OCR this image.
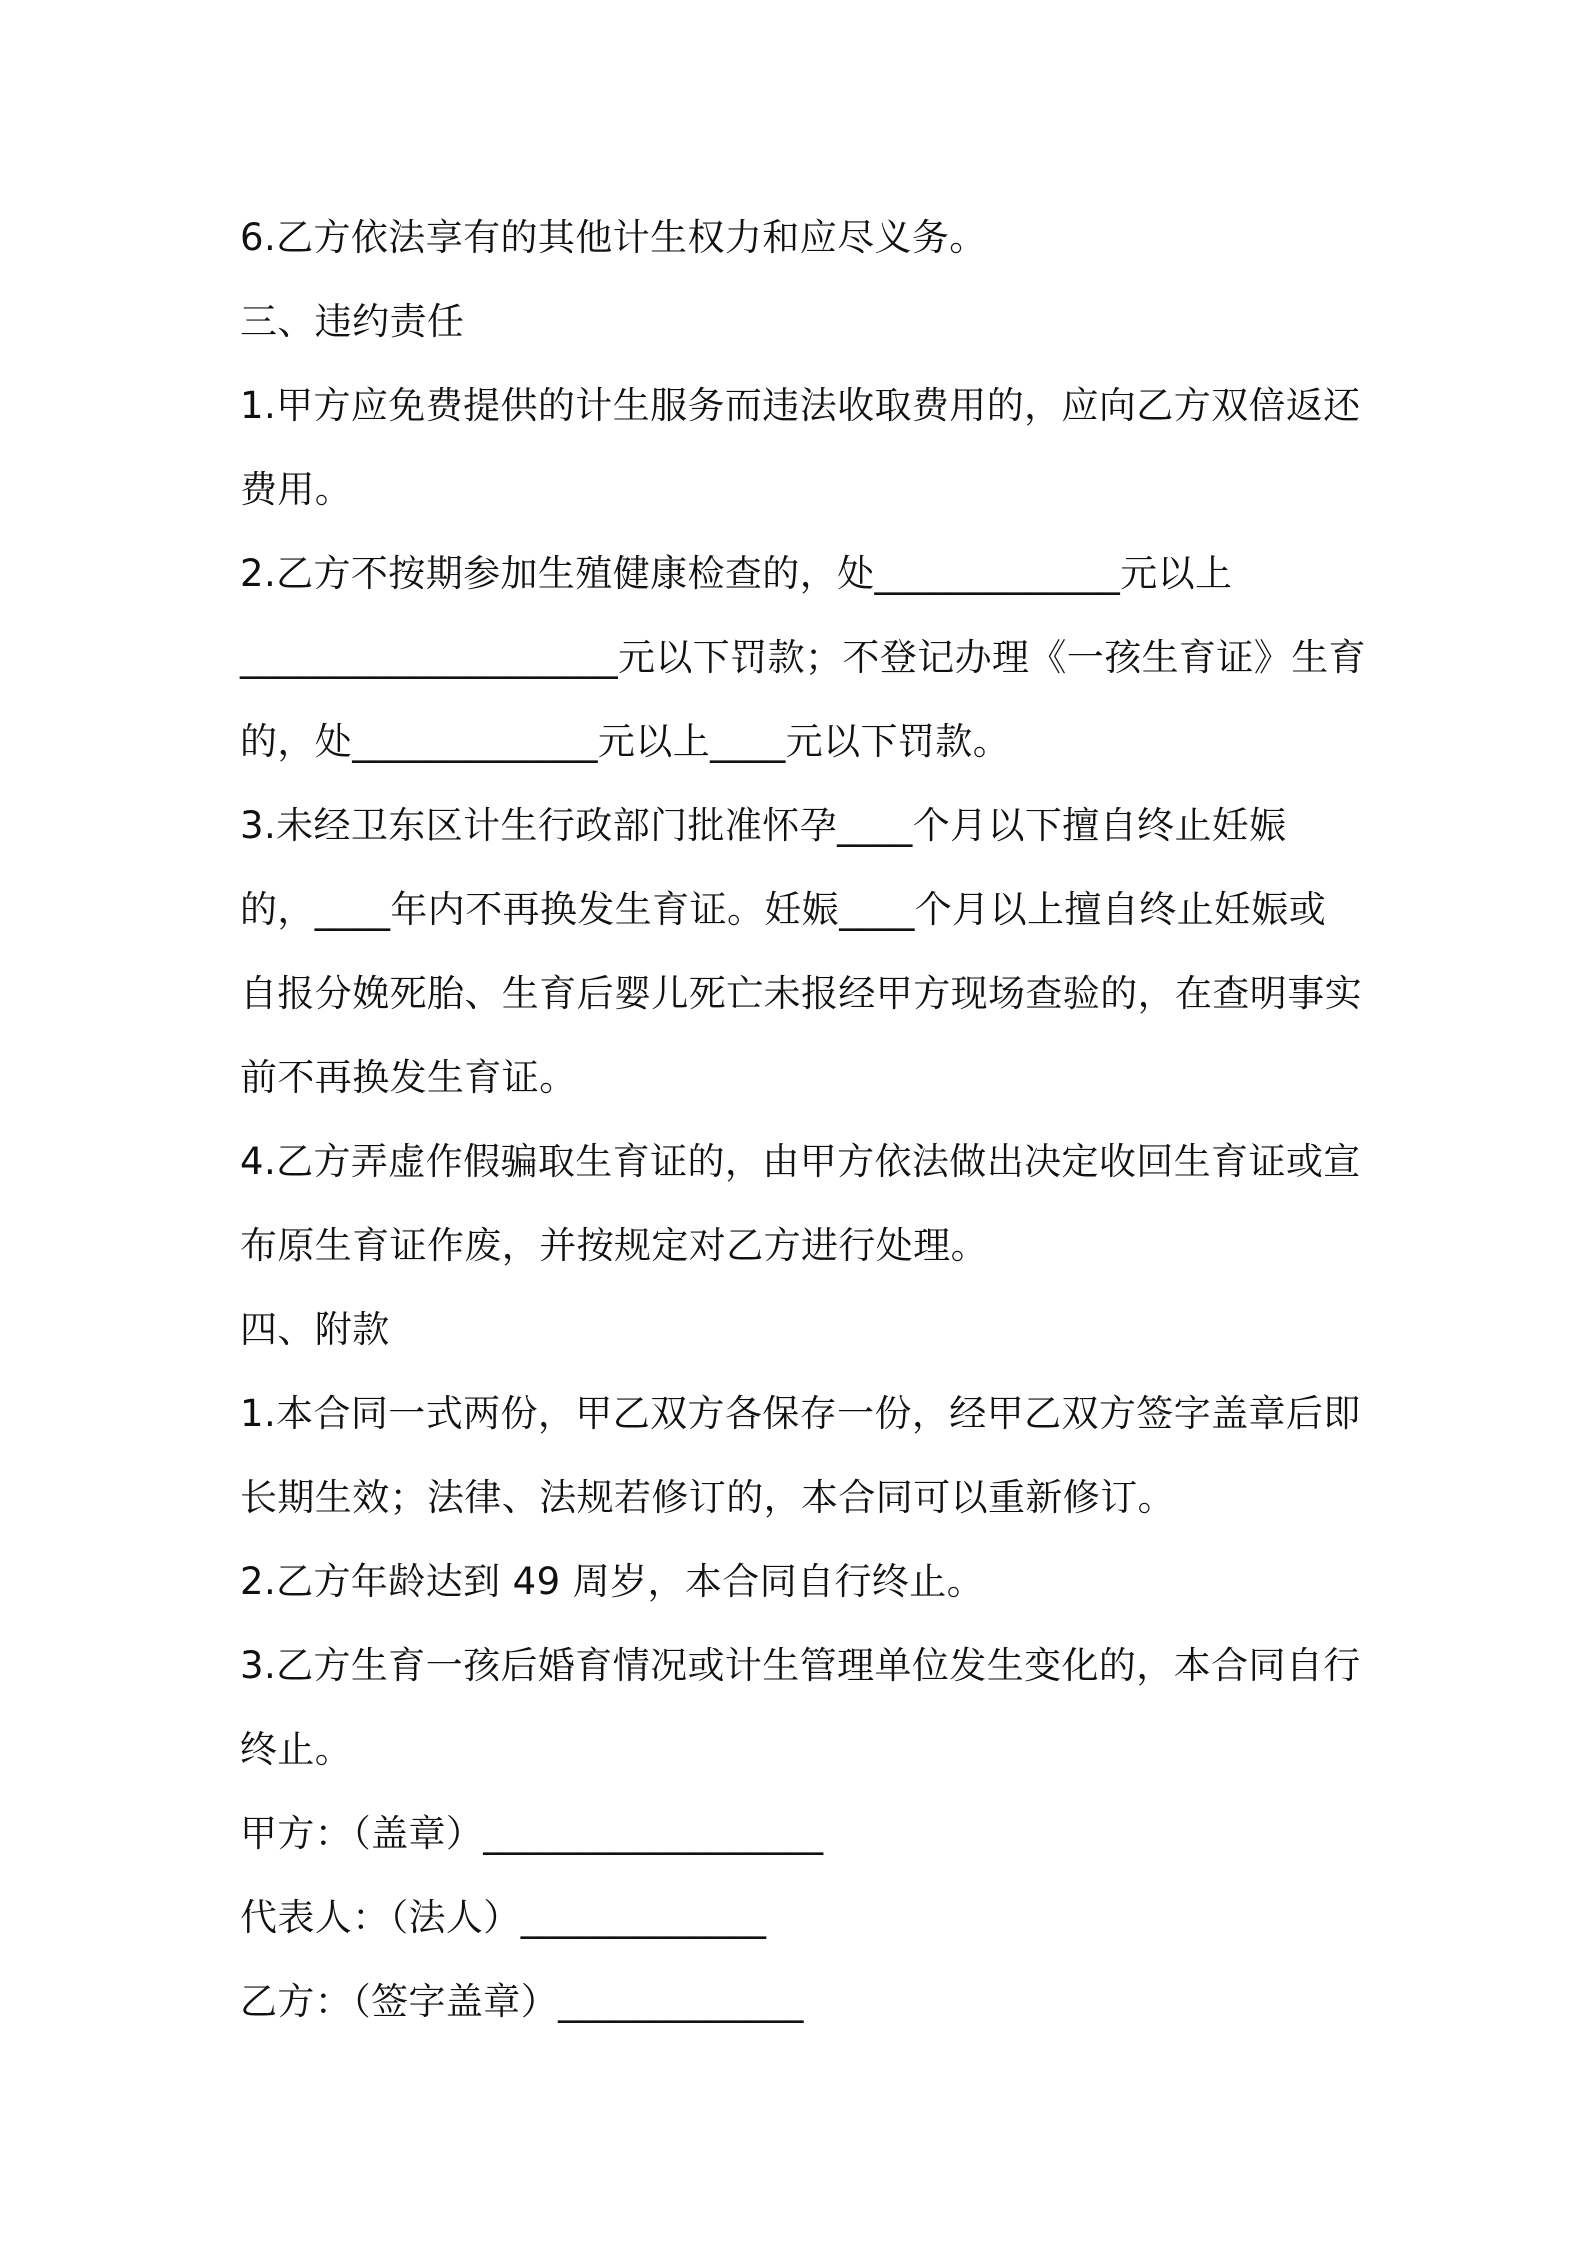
6.乙方依法享有的其他计生权力和应尽义务。
三、违约责任
1.甲方应免费提供的计生服务而违法收取费用的，应向乙方双倍返还
费用。
2.乙方不按期参加生殖健康检查的，处_____________元以上
____________________元以下罚款；不登记办理《一孩生育证》生育
的，处_____________元以上____元以下罚款。
3.未经卫东区计生行政部门批准怀孕____个月以下擅自终止妊娠
的，____年内不再换发生育证。妊娠____个月以上擅自终止妊娠或
自报分娩死胎、生育后婴儿死亡未报经甲方现场查验的，在查明事实
前不再换发生育证。
4.乙方弄虚作假骗取生育证的，由甲方依法做出决定收回生育证或宣
布原生育证作废，并按规定对乙方进行处理。
四、附款
1.本合同一式两份，甲乙双方各保存一份，经甲乙双方签字盖章后即
长期生效；法律、法规若修订的，本合同可以重新修订。
2.乙方年龄达到 49 周岁，本合同自行终止。
3.乙方生育一孩后婚育情况或计生管理单位发生变化的，本合同自行
终止。
甲方：（盖章）__________________
代表人：（法人）_____________
乙方：（签字盖章）_____________
